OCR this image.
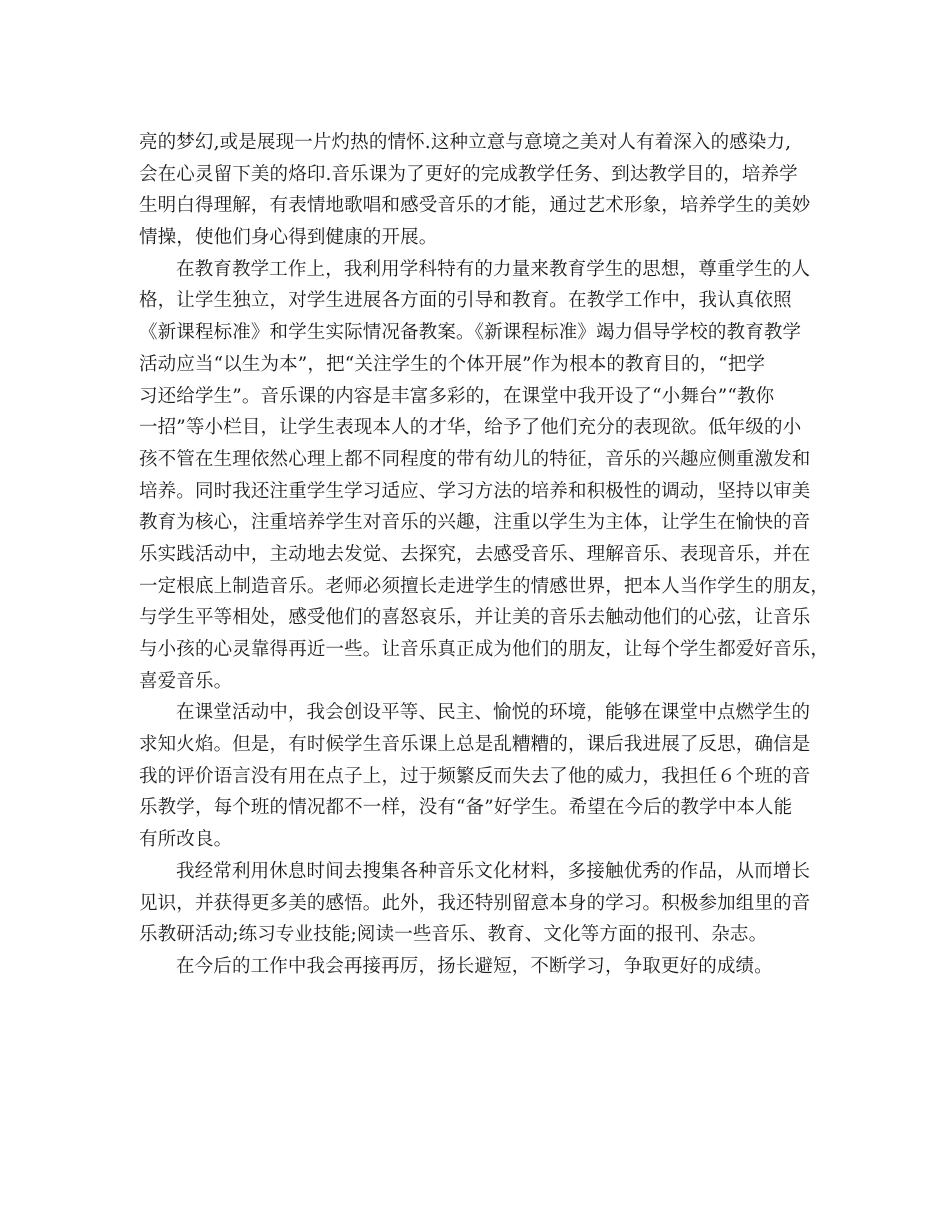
亮的梦幻,或是展现一片灼热的情怀.这种立意与意境之美对人有着深入的感染力,
会在心灵留下美的烙印.音乐课为了更好的完成教学任务、到达教学目的，培养学
生明白得理解，有表情地歌唱和感受音乐的才能，通过艺术形象，培养学生的美妙
情操，使他们身心得到健康的开展。
在教育教学工作上，我利用学科特有的力量来教育学生的思想，尊重学生的人
格，让学生独立，对学生进展各方面的引导和教育。在教学工作中，我认真依照
《新课程标准》和学生实际情况备教案。《新课程标准》竭力倡导学校的教育教学
活动应当“以生为本”，把“关注学生的个体开展”作为根本的教育目的，“把学
习还给学生”。音乐课的内容是丰富多彩的，在课堂中我开设了“小舞台”“教你
一招”等小栏目，让学生表现本人的才华，给予了他们充分的表现欲。低年级的小
孩不管在生理依然心理上都不同程度的带有幼儿的特征，音乐的兴趣应侧重激发和
培养。同时我还注重学生学习适应、学习方法的培养和积极性的调动，坚持以审美
教育为核心，注重培养学生对音乐的兴趣，注重以学生为主体，让学生在愉快的音
乐实践活动中，主动地去发觉、去探究，去感受音乐、理解音乐、表现音乐，并在
一定根底上制造音乐。老师必须擅长走进学生的情感世界，把本人当作学生的朋友，
与学生平等相处，感受他们的喜怒哀乐，并让美的音乐去触动他们的心弦，让音乐
与小孩的心灵靠得再近一些。让音乐真正成为他们的朋友，让每个学生都爱好音乐，
喜爱音乐。
在课堂活动中，我会创设平等、民主、愉悦的环境，能够在课堂中点燃学生的
求知火焰。但是，有时候学生音乐课上总是乱糟糟的，课后我进展了反思，确信是
我的评价语言没有用在点子上，过于频繁反而失去了他的威力，我担任６个班的音
乐教学，每个班的情况都不一样，没有“备”好学生。希望在今后的教学中本人能
有所改良。
我经常利用休息时间去搜集各种音乐文化材料，多接触优秀的作品，从而增长
见识，并获得更多美的感悟。此外，我还特别留意本身的学习。积极参加组里的音
乐教研活动;练习专业技能;阅读一些音乐、教育、文化等方面的报刊、杂志。
在今后的工作中我会再接再厉，扬长避短，不断学习，争取更好的成绩。
